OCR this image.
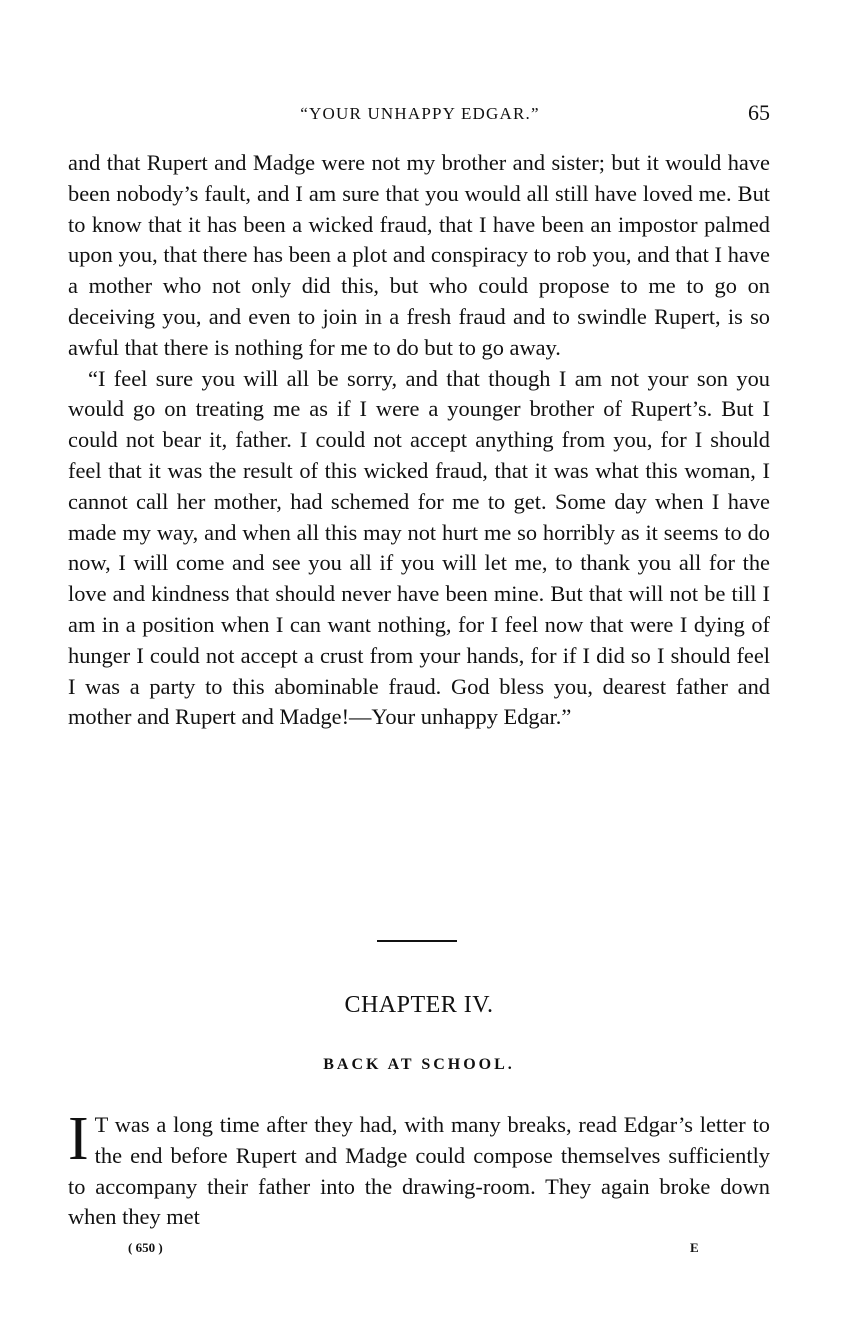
“YOUR UNHAPPY EDGAR.”	65

and that Rupert and Madge were not my brother and sister; but it would have been nobody’s fault, and I am sure that you would all still have loved me. But to know that it has been a wicked fraud, that I have been an impostor palmed upon you, that there has been a plot and conspiracy to rob you, and that I have a mother who not only did this, but who could propose to me to go on deceiving you, and even to join in a fresh fraud and to swindle Rupert, is so awful that there is nothing for me to do but to go away.

“I feel sure you will all be sorry, and that though I am not your son you would go on treating me as if I were a younger brother of Rupert’s. But I could not bear it, father. I could not accept anything from you, for I should feel that it was the result of this wicked fraud, that it was what this woman, I cannot call her mother, had schemed for me to get. Some day when I have made my way, and when all this may not hurt me so horribly as it seems to do now, I will come and see you all if you will let me, to thank you all for the love and kindness that should never have been mine. But that will not be till I am in a position when I can want nothing, for I feel now that were I dying of hunger I could not accept a crust from your hands, for if I did so I should feel I was a party to this abominable fraud. God bless you, dearest father and mother and Rupert and Madge!—Your unhappy Edgar.”

CHAPTER IV.
BACK AT SCHOOL.

I T was a long time after they had, with many breaks, read Edgar’s letter to the end before Rupert and Madge could compose themselves sufficiently to accompany their father into the drawing-room. They again broke down when they met

( 650 )	E
